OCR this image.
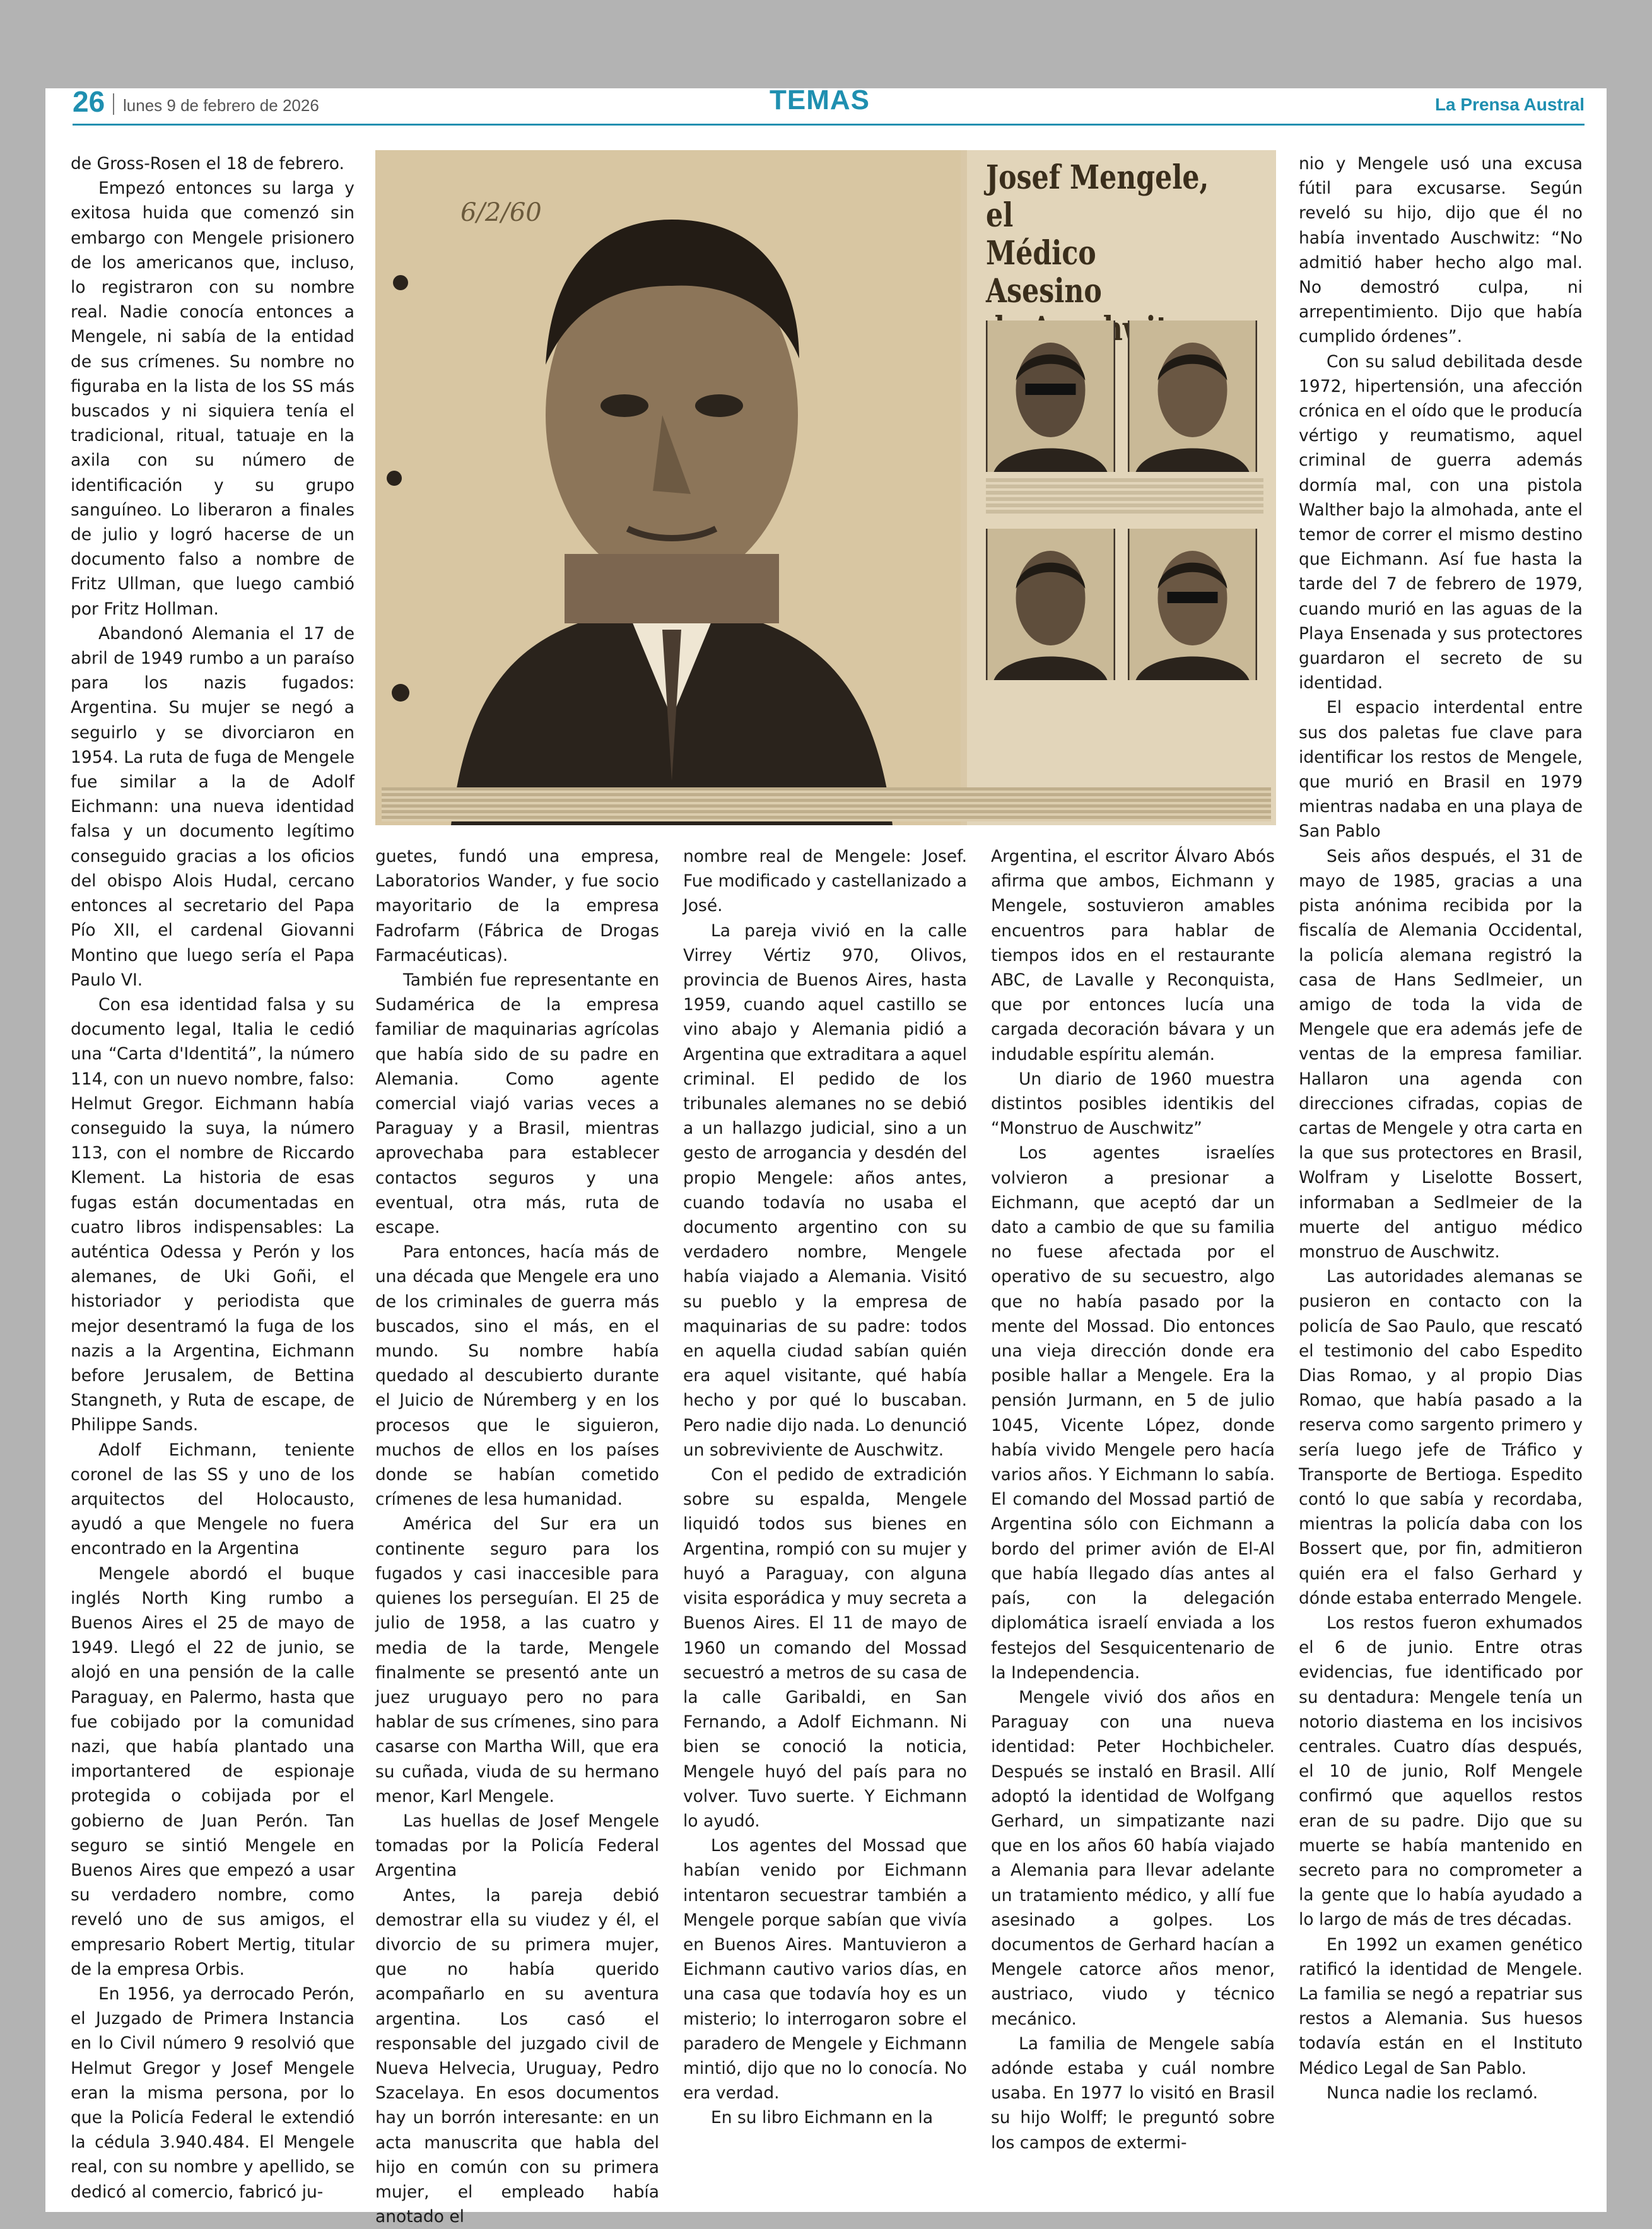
26 lunes 9 de febrero de 2026	TEMAS	La Prensa Austral

de Gross-Rosen el 18 de febrero.

Empezó entonces su larga y exitosa huida que comenzó sin embargo con Mengele prisionero de los americanos que, incluso, lo registraron con su nombre real. Nadie conocía entonces a Mengele, ni sabía de la entidad de sus crímenes. Su nombre no figuraba en la lista de los SS más buscados y ni siquiera tenía el tradicional, ritual, tatuaje en la axila con su número de identificación y su grupo sanguíneo. Lo liberaron a finales de julio y logró hacerse de un documento falso a nombre de Fritz Ullman, que luego cambió por Fritz Hollman.

Abandonó Alemania el 17 de abril de 1949 rumbo a un paraíso para los nazis fugados: Argentina. Su mujer se negó a seguirlo y se divorciaron en 1954. La ruta de fuga de Mengele fue similar a la de Adolf Eichmann: una nueva identidad falsa y un documento legítimo conseguido gracias a los oficios del obispo Alois Hudal, cercano entonces al secretario del Papa Pío XII, el cardenal Giovanni Montino que luego sería el Papa Paulo VI.

Con esa identidad falsa y su documento legal, Italia le cedió una “Carta d'Identitá”, la número 114, con un nuevo nombre, falso: Helmut Gregor. Eichmann había conseguido la suya, la número 113, con el nombre de Riccardo Klement. La historia de esas fugas están documentadas en cuatro libros indispensables: La auténtica Odessa y Perón y los alemanes, de Uki Goñi, el historiador y periodista que mejor desentramó la fuga de los nazis a la Argentina, Eichmann before Jerusalem, de Bettina Stangneth, y Ruta de escape, de Philippe Sands.

Adolf Eichmann, teniente coronel de las SS y uno de los arquitectos del Holocausto, ayudó a que Mengele no fuera encontrado en la Argentina

Mengele abordó el buque inglés North King rumbo a Buenos Aires el 25 de mayo de 1949. Llegó el 22 de junio, se alojó en una pensión de la calle Paraguay, en Palermo, hasta que fue cobijado por la comunidad nazi, que había plantado una importantered de espionaje protegida o cobijada por el gobierno de Juan Perón. Tan seguro se sintió Mengele en Buenos Aires que empezó a usar su verdadero nombre, como reveló uno de sus amigos, el empresario Robert Mertig, titular de la empresa Orbis.

En 1956, ya derrocado Perón, el Juzgado de Primera Instancia en lo Civil número 9 resolvió que Helmut Gregor y Josef Mengele eran la misma persona, por lo que la Policía Federal le extendió la cédula 3.940.484. El Mengele real, con su nombre y apellido, se dedicó al comercio, fabricó ju-

6/2/60
Josef Mengele, el
Médico Asesino

guetes, fundó una empresa, Laboratorios Wander, y fue socio mayoritario de la empresa Fadrofarm (Fábrica de Drogas Farmacéuticas).

También fue representante en Sudamérica de la empresa familiar de maquinarias agrícolas que había sido de su padre en Alemania. Como agente comercial viajó varias veces a Paraguay y a Brasil, mientras aprovechaba para establecer contactos seguros y una eventual, otra más, ruta de escape.

Para entonces, hacía más de una década que Mengele era uno de los criminales de guerra más buscados, sino el más, en el mundo. Su nombre había quedado al descubierto durante el Juicio de Núremberg y en los procesos que le siguieron, muchos de ellos en los países donde se habían cometido crímenes de lesa humanidad.

América del Sur era un continente seguro para los fugados y casi inaccesible para quienes los perseguían. El 25 de julio de 1958, a las cuatro y media de la tarde, Mengele finalmente se presentó ante un juez uruguayo pero no para hablar de sus crímenes, sino para casarse con Martha Will, que era su cuñada, viuda de su hermano menor, Karl Mengele.

Las huellas de Josef Mengele tomadas por la Policía Federal Argentina

Antes, la pareja debió demostrar ella su viudez y él, el divorcio de su primera mujer, que no había querido acompañarlo en su aventura argentina. Los casó el responsable del juzgado civil de Nueva Helvecia, Uruguay, Pedro Szacelaya. En esos documentos hay un borrón interesante: en un acta manuscrita que habla del hijo en común con su primera mujer, el empleado había anotado el

nombre real de Mengele: Josef. Fue modificado y castellanizado a José.

La pareja vivió en la calle Virrey Vértiz 970, Olivos, provincia de Buenos Aires, hasta 1959, cuando aquel castillo se vino abajo y Alemania pidió a Argentina que extraditara a aquel criminal. El pedido de los tribunales alemanes no se debió a un hallazgo judicial, sino a un gesto de arrogancia y desdén del propio Mengele: años antes, cuando todavía no usaba el documento argentino con su verdadero nombre, Mengele había viajado a Alemania. Visitó su pueblo y la empresa de maquinarias de su padre: todos en aquella ciudad sabían quién era aquel visitante, qué había hecho y por qué lo buscaban. Pero nadie dijo nada. Lo denunció un sobreviviente de Auschwitz.

Con el pedido de extradición sobre su espalda, Mengele liquidó todos sus bienes en Argentina, rompió con su mujer y huyó a Paraguay, con alguna visita esporádica y muy secreta a Buenos Aires. El 11 de mayo de 1960 un comando del Mossad secuestró a metros de su casa de la calle Garibaldi, en San Fernando, a Adolf Eichmann. Ni bien se conoció la noticia, Mengele huyó del país para no volver. Tuvo suerte. Y Eichmann lo ayudó.

Los agentes del Mossad que habían venido por Eichmann intentaron secuestrar también a Mengele porque sabían que vivía en Buenos Aires. Mantuvieron a Eichmann cautivo varios días, en una casa que todavía hoy es un misterio; lo interrogaron sobre el paradero de Mengele y Eichmann mintió, dijo que no lo conocía. No era verdad.

En su libro Eichmann en la

Argentina, el escritor Álvaro Abós afirma que ambos, Eichmann y Mengele, sostuvieron amables encuentros para hablar de tiempos idos en el restaurante ABC, de Lavalle y Reconquista, que por entonces lucía una cargada decoración bávara y un indudable espíritu alemán.

Un diario de 1960 muestra distintos posibles identikis del “Monstruo de Auschwitz”

Los agentes israelíes volvieron a presionar a Eichmann, que aceptó dar un dato a cambio de que su familia no fuese afectada por el operativo de su secuestro, algo que no había pasado por la mente del Mossad. Dio entonces una vieja dirección donde era posible hallar a Mengele. Era la pensión Jurmann, en 5 de julio 1045, Vicente López, donde había vivido Mengele pero hacía varios años. Y Eichmann lo sabía. El comando del Mossad partió de Argentina sólo con Eichmann a bordo del primer avión de El-Al que había llegado días antes al país, con la delegación diplomática israelí enviada a los festejos del Sesquicentenario de la Independencia.

Mengele vivió dos años en Paraguay con una nueva identidad: Peter Hochbicheler. Después se instaló en Brasil. Allí adoptó la identidad de Wolfgang Gerhard, un simpatizante nazi que en los años 60 había viajado a Alemania para llevar adelante un tratamiento médico, y allí fue asesinado a golpes. Los documentos de Gerhard hacían a Mengele catorce años menor, austriaco, viudo y técnico mecánico.

La familia de Mengele sabía adónde estaba y cuál nombre usaba. En 1977 lo visitó en Brasil su hijo Wolff; le preguntó sobre los campos de extermi-

nio y Mengele usó una excusa fútil para excusarse. Según reveló su hijo, dijo que él no había inventado Auschwitz: “No admitió haber hecho algo mal. No demostró culpa, ni arrepentimiento. Dijo que había cumplido órdenes”.

Con su salud debilitada desde 1972, hipertensión, una afección crónica en el oído que le producía vértigo y reumatismo, aquel criminal de guerra además dormía mal, con una pistola Walther bajo la almohada, ante el temor de correr el mismo destino que Eichmann. Así fue hasta la tarde del 7 de febrero de 1979, cuando murió en las aguas de la Playa Ensenada y sus protectores guardaron el secreto de su identidad.

El espacio interdental entre sus dos paletas fue clave para identificar los restos de Mengele, que murió en Brasil en 1979 mientras nadaba en una playa de San Pablo

Seis años después, el 31 de mayo de 1985, gracias a una pista anónima recibida por la fiscalía de Alemania Occidental, la policía alemana registró la casa de Hans Sedlmeier, un amigo de toda la vida de Mengele que era además jefe de ventas de la empresa familiar. Hallaron una agenda con direcciones cifradas, copias de cartas de Mengele y otra carta en la que sus protectores en Brasil, Wolfram y Liselotte Bossert, informaban a Sedlmeier de la muerte del antiguo médico monstruo de Auschwitz.

Las autoridades alemanas se pusieron en contacto con la policía de Sao Paulo, que rescató el testimonio del cabo Espedito Dias Romao, y al propio Dias Romao, que había pasado a la reserva como sargento primero y sería luego jefe de Tráfico y Transporte de Bertioga. Espedito contó lo que sabía y recordaba, mientras la policía daba con los Bossert que, por fin, admitieron quién era el falso Gerhard y dónde estaba enterrado Mengele.

Los restos fueron exhumados el 6 de junio. Entre otras evidencias, fue identificado por su dentadura: Mengele tenía un notorio diastema en los incisivos centrales. Cuatro días después, el 10 de junio, Rolf Mengele confirmó que aquellos restos eran de su padre. Dijo que su muerte se había mantenido en secreto para no comprometer a la gente que lo había ayudado a lo largo de más de tres décadas.

En 1992 un examen genético ratificó la identidad de Mengele. La familia se negó a repatriar sus restos a Alemania. Sus huesos todavía están en el Instituto Médico Legal de San Pablo.

Nunca nadie los reclamó.
